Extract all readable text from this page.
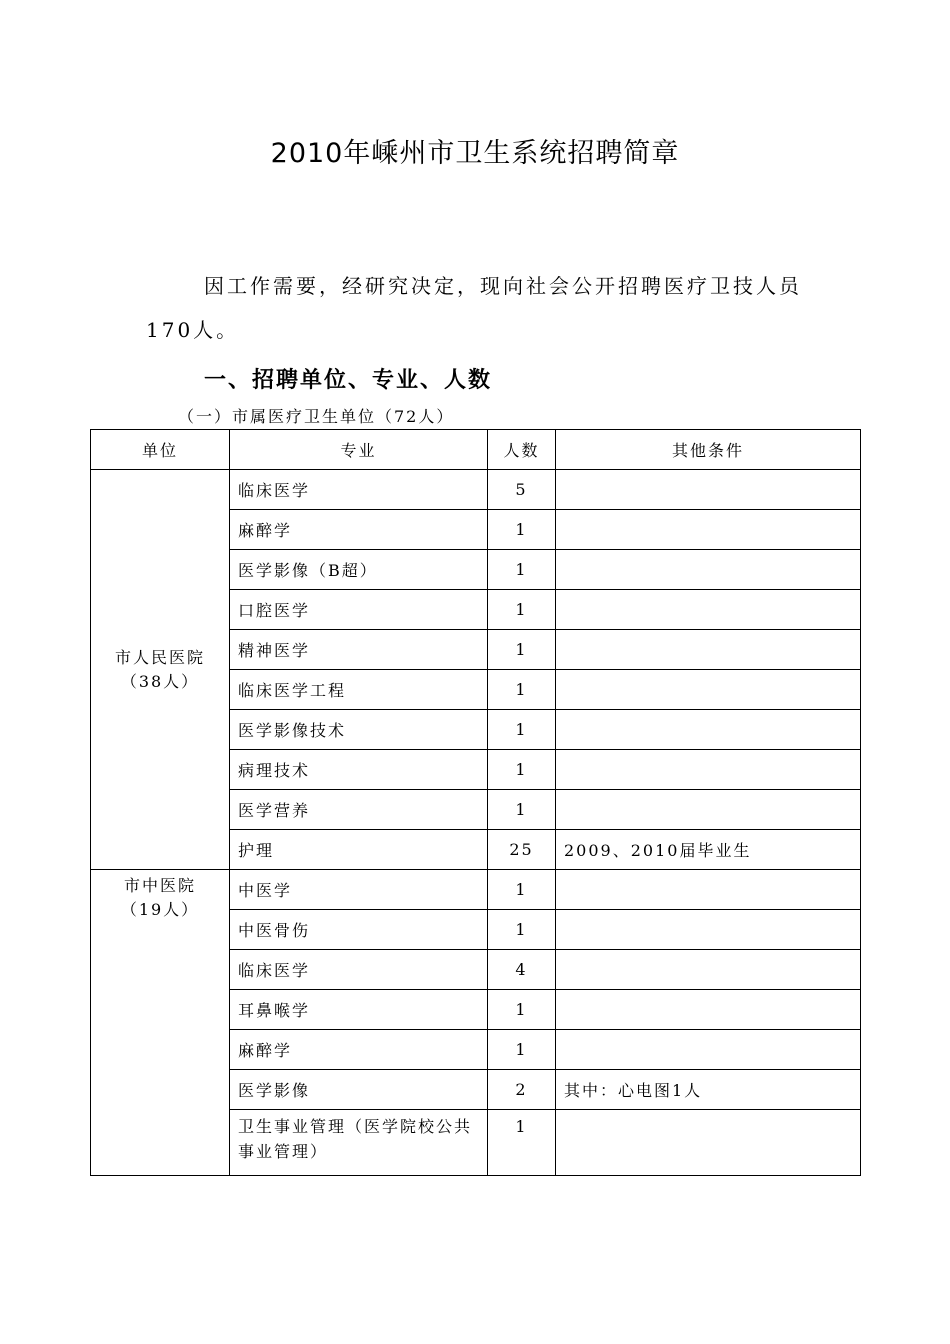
2010年嵊州市卫生系统招聘简章

因工作需要，经研究决定，现向社会公开招聘医疗卫技人员170人。

一、招聘单位、专业、人数
（一）市属医疗卫生单位（72人）
单位	专业	人数	其他条件

市人民医院
（38人）	临床医学	5	
	麻醉学	1	
	医学影像（B超）	1	
	口腔医学	1	
	精神医学	1	
	临床医学工程	1	
	医学影像技术	1	
	病理技术	1	
	医学营养	1	
	护理	25	2009、2010届毕业生

市中医院
（19人）	中医学	1	
	中医骨伤	1	
	临床医学	4	
	耳鼻喉学	1	
	麻醉学	1	
	医学影像	2	其中：心电图1人
	卫生事业管理（医学院校公共事业管理）	1	
